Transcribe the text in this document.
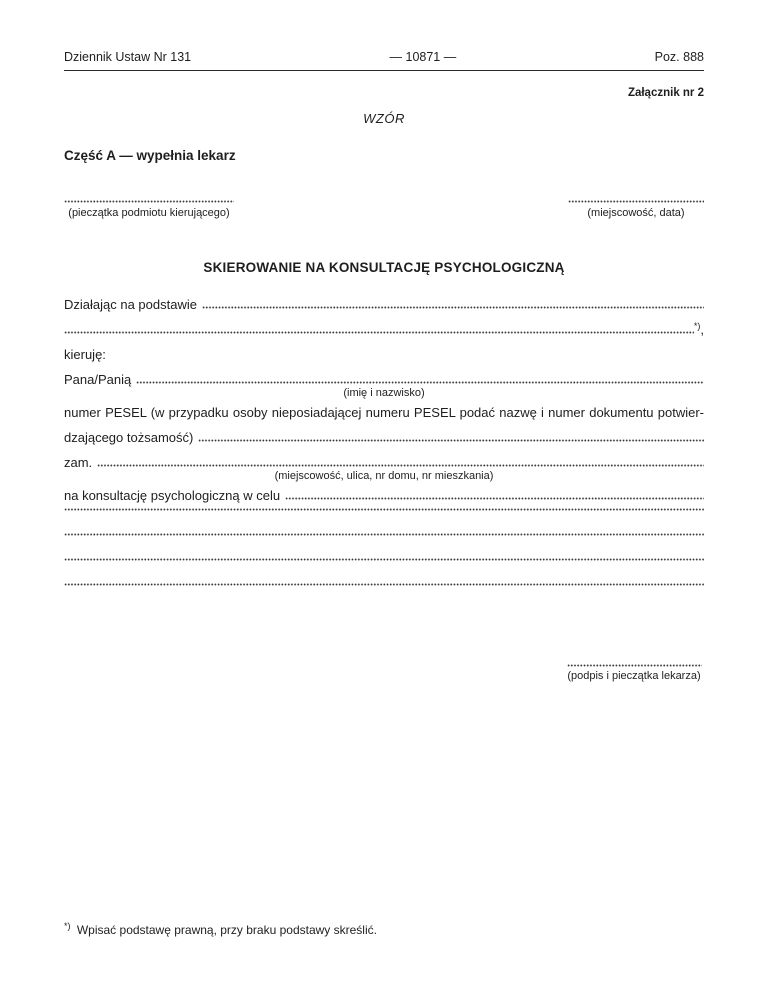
Dziennik Ustaw Nr 131	— 10871 —	Poz. 888
Załącznik nr 2
WZÓR
Część A — wypełnia lekarz
(pieczątka podmiotu kierującego)	(miejscowość, data)
SKIEROWANIE NA KONSULTACJĘ PSYCHOLOGICZNĄ
Działając na podstawie
*) ,
kieruję:
Pana/Panią
(imię i nazwisko)
numer PESEL (w przypadku osoby nieposiadającej numeru PESEL podać nazwę i numer dokumentu potwier-
dzającego tożsamość)
zam.
(miejscowość, ulica, nr domu, nr mieszkania)
na konsultację psychologiczną w celu
(podpis i pieczątka lekarza)
*) Wpisać podstawę prawną, przy braku podstawy skreślić.
